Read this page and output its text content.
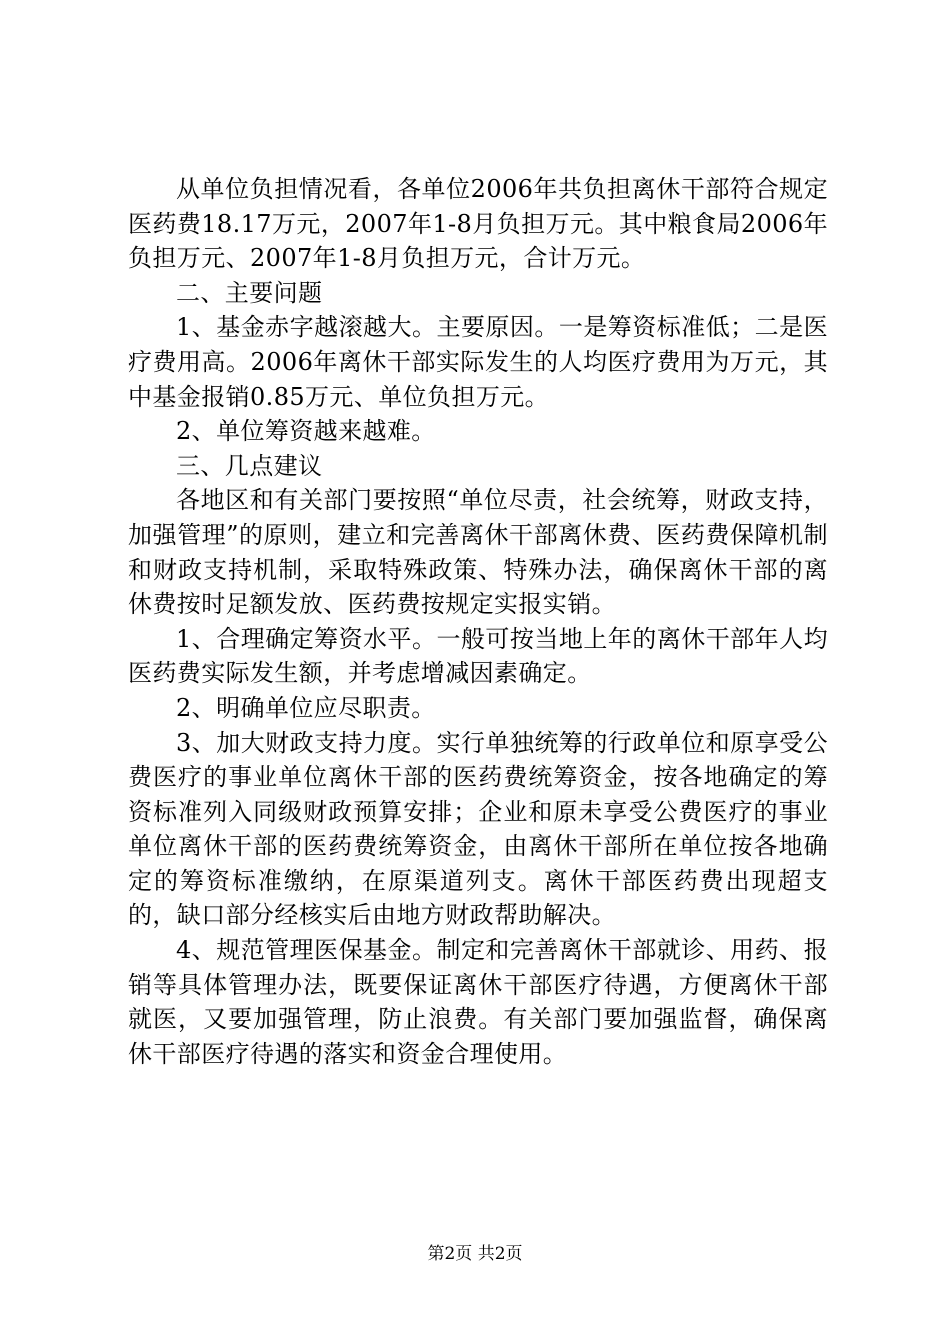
从单位负担情况看，各单位2006年共负担离休干部符合规定医药费18.17万元，2007年1-8月负担万元。其中粮食局2006年负担万元、2007年1-8月负担万元，合计万元。

二、主要问题

1、基金赤字越滚越大。主要原因。一是筹资标准低；二是医疗费用高。2006年离休干部实际发生的人均医疗费用为万元，其中基金报销0.85万元、单位负担万元。

2、单位筹资越来越难。

三、几点建议

各地区和有关部门要按照“单位尽责，社会统筹，财政支持，加强管理”的原则，建立和完善离休干部离休费、医药费保障机制和财政支持机制，采取特殊政策、特殊办法，确保离休干部的离休费按时足额发放、医药费按规定实报实销。

1、合理确定筹资水平。一般可按当地上年的离休干部年人均医药费实际发生额，并考虑增减因素确定。

2、明确单位应尽职责。

3、加大财政支持力度。实行单独统筹的行政单位和原享受公费医疗的事业单位离休干部的医药费统筹资金，按各地确定的筹资标准列入同级财政预算安排；企业和原未享受公费医疗的事业单位离休干部的医药费统筹资金，由离休干部所在单位按各地确定的筹资标准缴纳，在原渠道列支。离休干部医药费出现超支的，缺口部分经核实后由地方财政帮助解决。

4、规范管理医保基金。制定和完善离休干部就诊、用药、报销等具体管理办法，既要保证离休干部医疗待遇，方便离休干部就医，又要加强管理，防止浪费。有关部门要加强监督，确保离休干部医疗待遇的落实和资金合理使用。

第2页 共2页
